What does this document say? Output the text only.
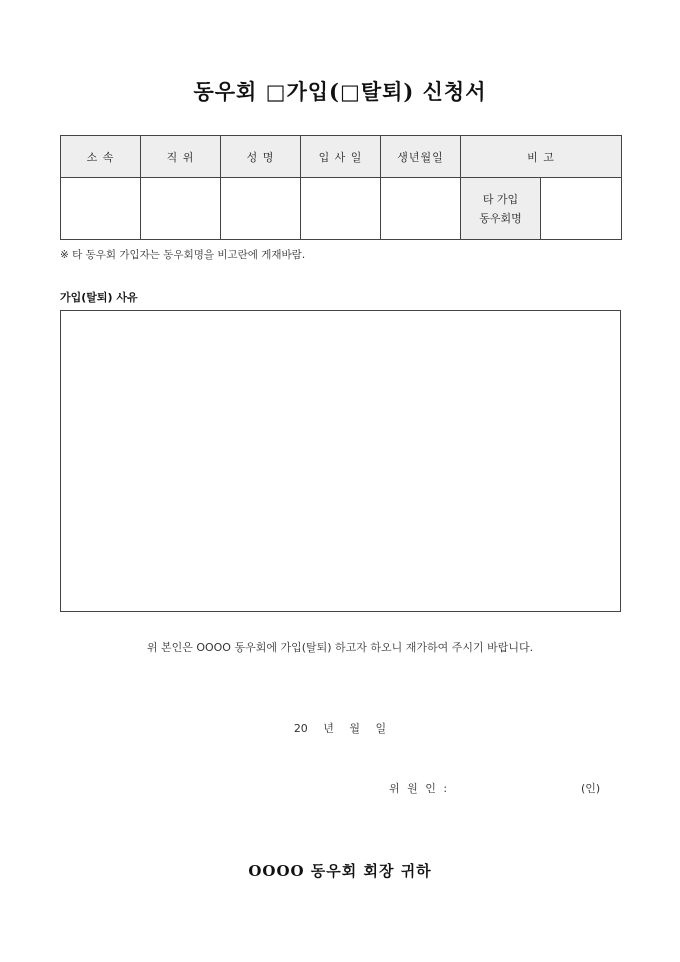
동우회 □가입(□탈퇴) 신청서
소 속	직 위	성 명	입 사 일	생년월일	비 고	

					타 가입
동우회명	

※ 타 동우회 가입자는 동우회명을 비고란에 게재바람.
가입(탈퇴) 사유
위 본인은 OOOO 동우회에 가입(탈퇴) 하고자 하오니 재가하여 주시기 바랍니다.
20 년 월 일
위 원 인 :	(인)
OOOO 동우회 회장 귀하
